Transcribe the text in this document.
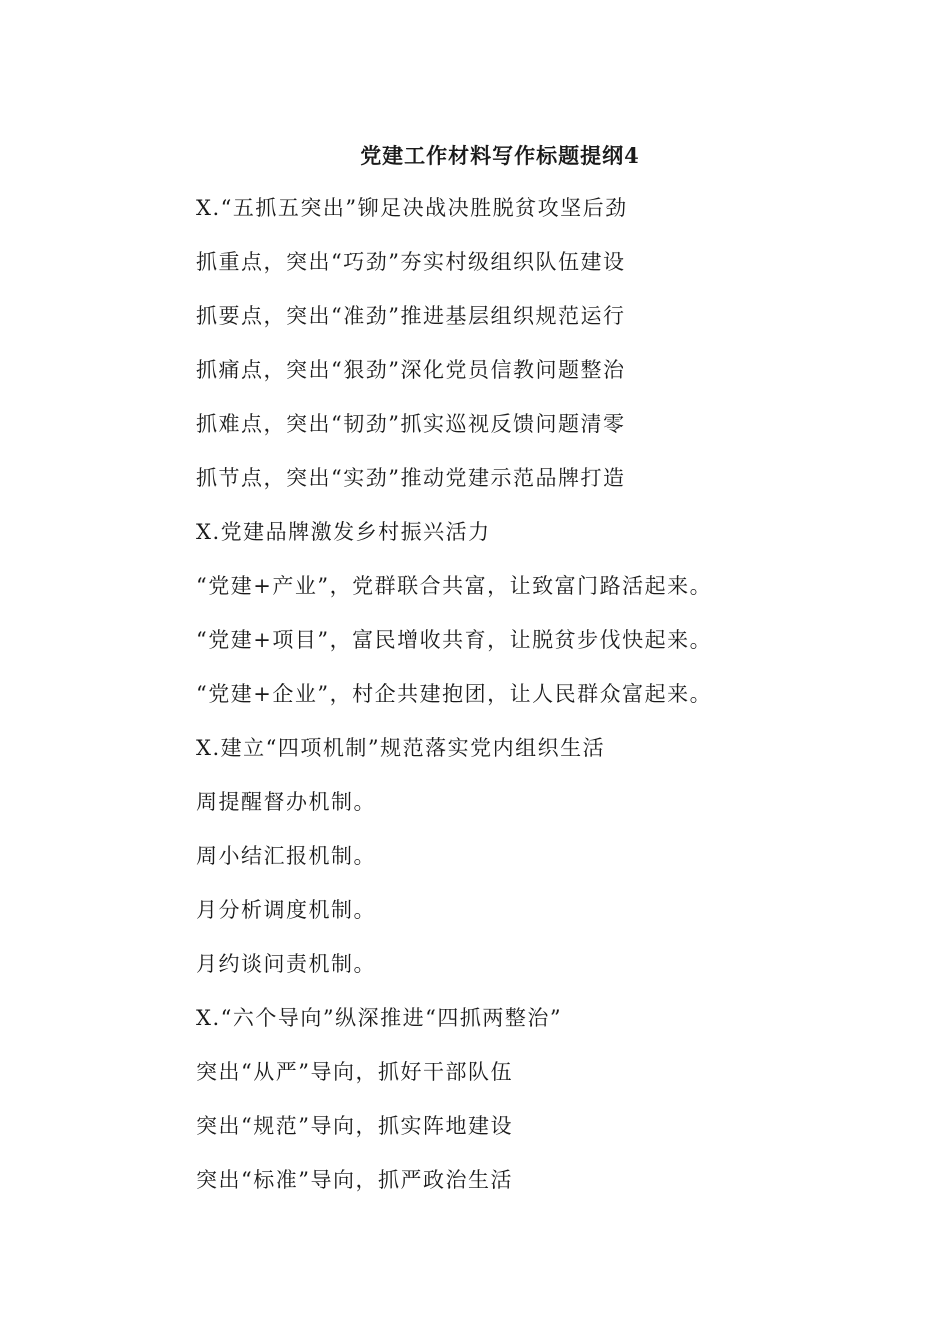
党建工作材料写作标题提纲4
X.“五抓五突出”铆足决战决胜脱贫攻坚后劲
抓重点，突出“巧劲”夯实村级组织队伍建设
抓要点，突出“准劲”推进基层组织规范运行
抓痛点，突出“狠劲”深化党员信教问题整治
抓难点，突出“韧劲”抓实巡视反馈问题清零
抓节点，突出“实劲”推动党建示范品牌打造
X.党建品牌激发乡村振兴活力
“党建+产业”，党群联合共富，让致富门路活起来。
“党建+项目”，富民增收共育，让脱贫步伐快起来。
“党建+企业”，村企共建抱团，让人民群众富起来。
X.建立“四项机制”规范落实党内组织生活
周提醒督办机制。
周小结汇报机制。
月分析调度机制。
月约谈问责机制。
X.“六个导向”纵深推进“四抓两整治”
突出“从严”导向，抓好干部队伍
突出“规范”导向，抓实阵地建设
突出“标准”导向，抓严政治生活
